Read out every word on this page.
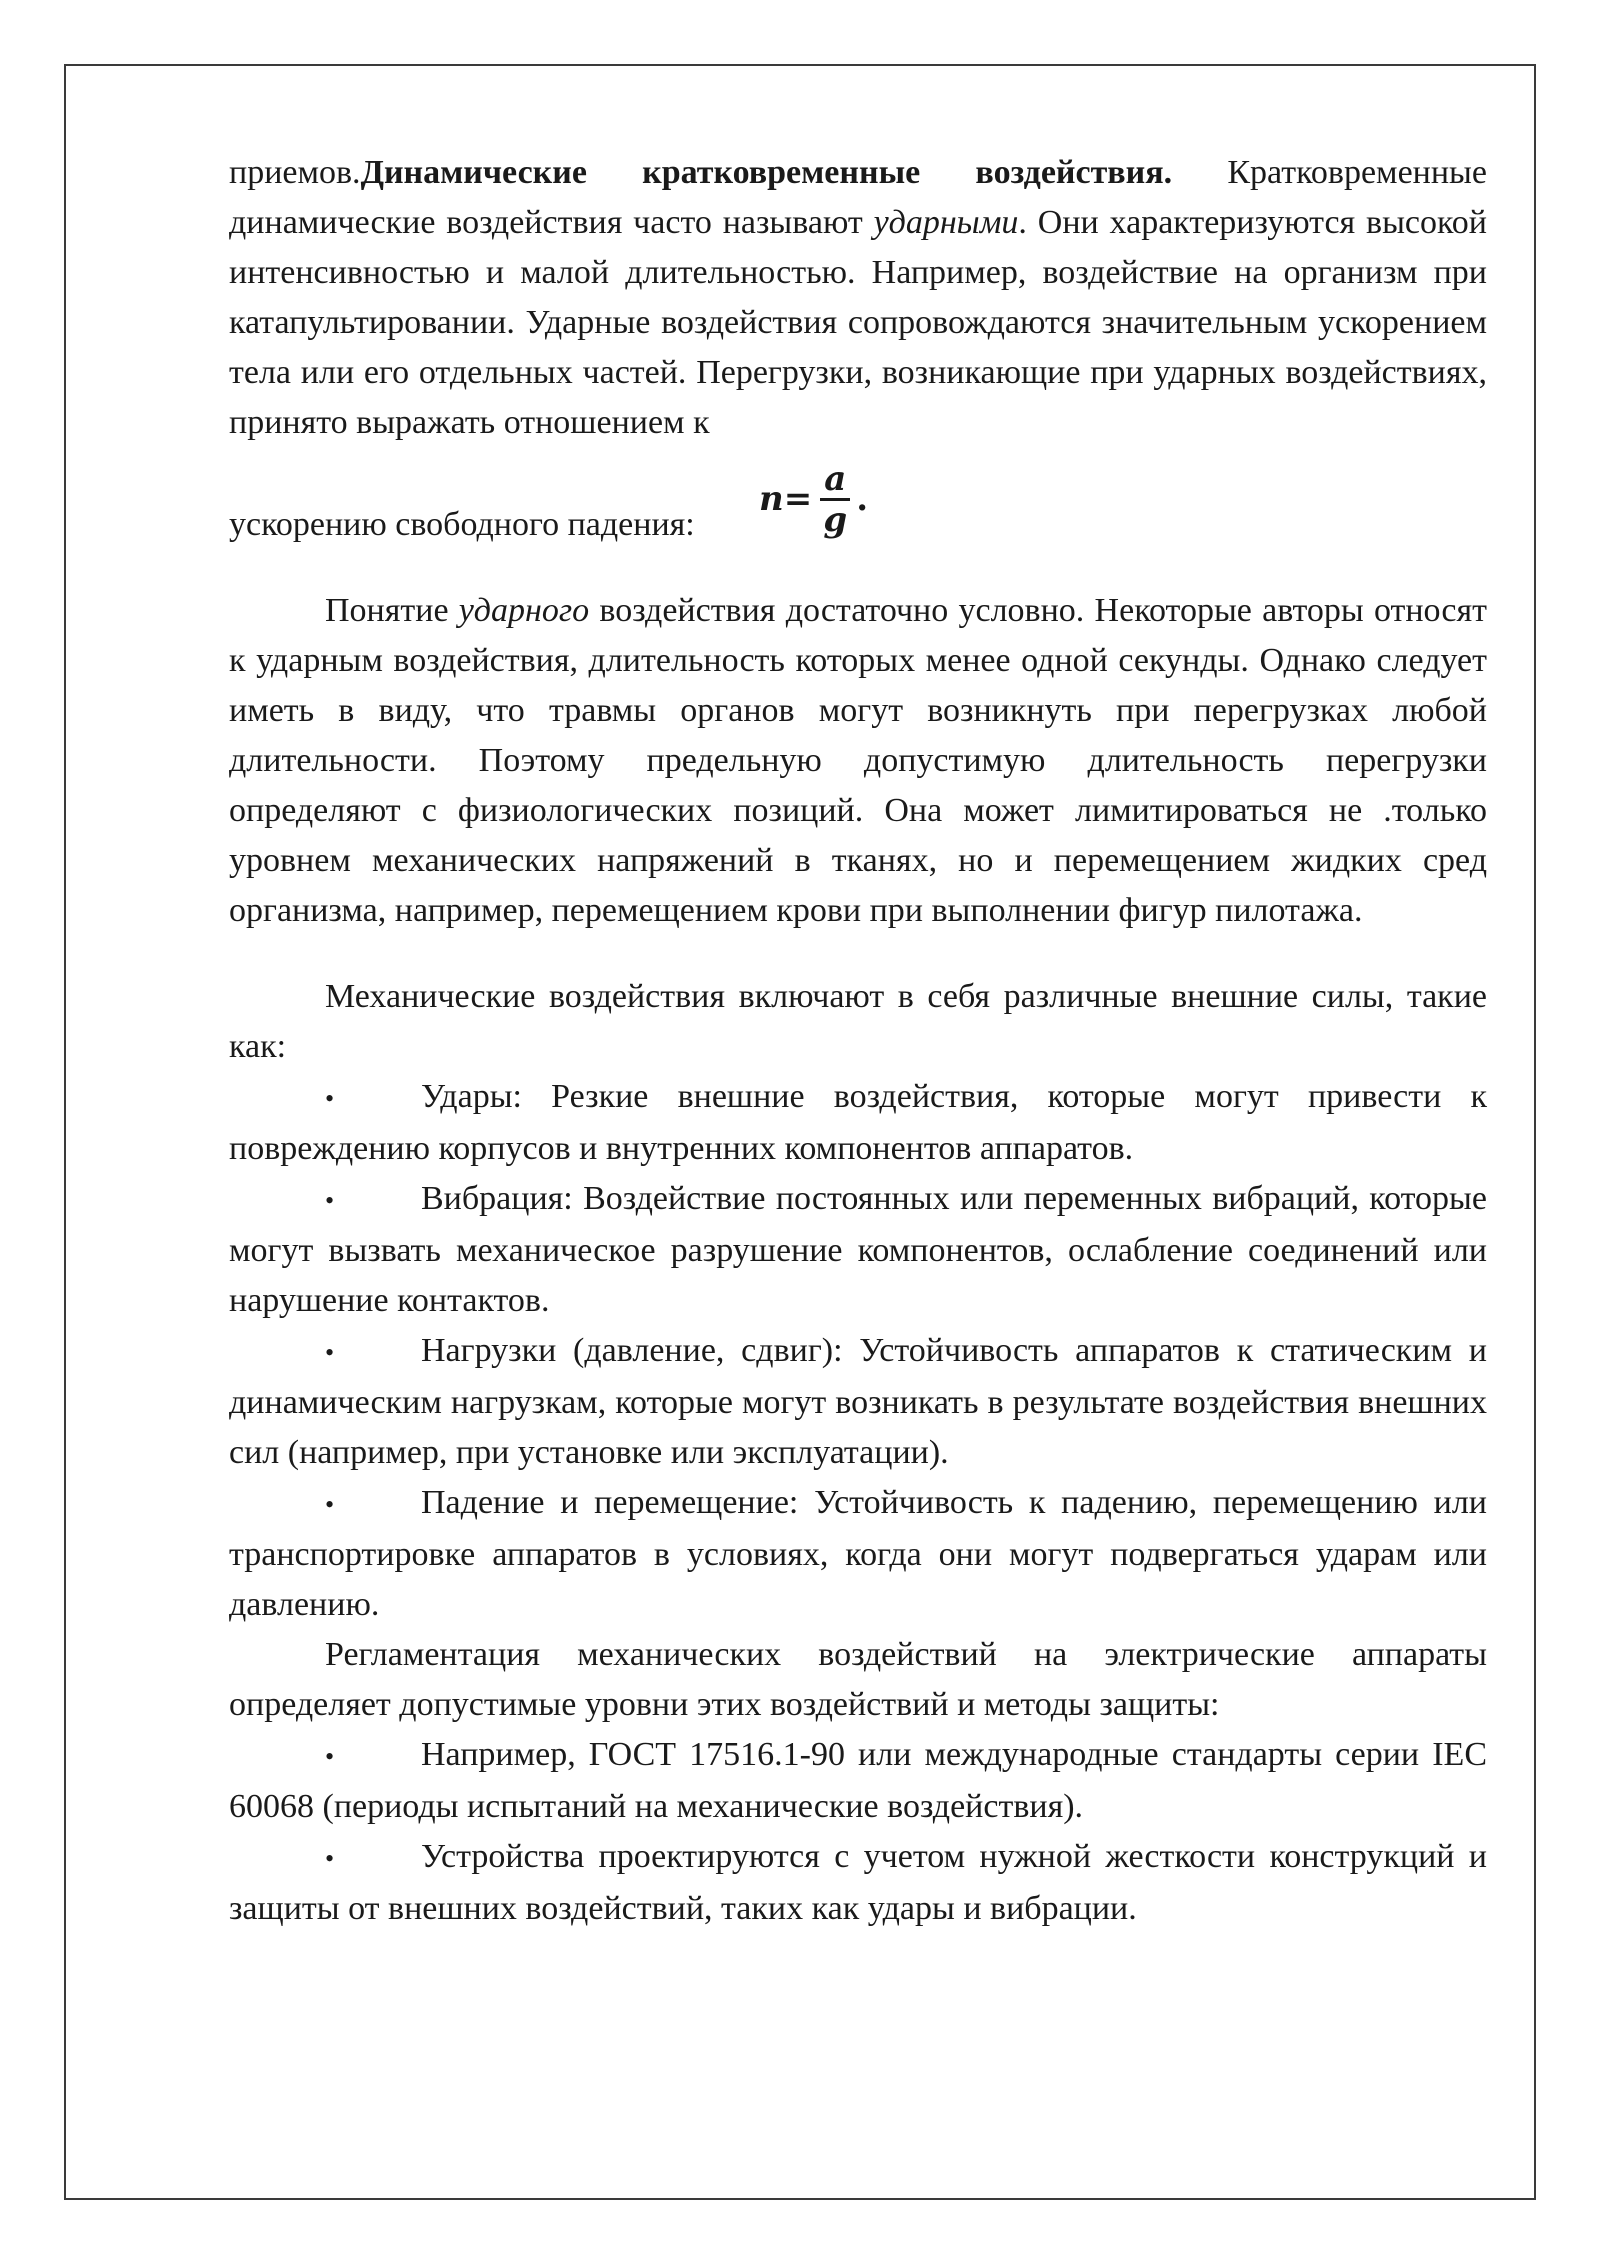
приемов.Динамические кратковременные воздействия. Кратковременные динамические воздействия часто называют ударными. Они характеризуются высокой интенсивностью и малой длительностью. Например, воздействие на организм при катапультировании. Ударные воздействия сопровождаются значительным ускорением тела или его отдельных частей. Перегрузки, возникающие при ударных воздействиях, принято выражать отношением к

ускорению свободного падения:
$n = \frac{a}{g}$ .

Понятие ударного воздействия достаточно условно. Некоторые авторы относят к ударным воздействия, длительность которых менее одной секунды. Однако следует иметь в виду, что травмы органов могут возникнуть при перегрузках любой длительности. Поэтому предельную допустимую длительность перегрузки определяют с физиологических позиций. Она может лимитироваться не .только уровнем механических напряжений в тканях, но и перемещением жидких сред организма, например, перемещением крови при выполнении фигур пилотажа.

Механические воздействия включают в себя различные внешние силы, такие как:

•Удары: Резкие внешние воздействия, которые могут привести к повреждению корпусов и внутренних компонентов аппаратов.

•Вибрация: Воздействие постоянных или переменных вибраций, которые могут вызвать механическое разрушение компонентов, ослабление соединений или нарушение контактов.

•Нагрузки (давление, сдвиг): Устойчивость аппаратов к статическим и динамическим нагрузкам, которые могут возникать в результате воздействия внешних сил (например, при установке или эксплуатации).

•Падение и перемещение: Устойчивость к падению, перемещению или транспортировке аппаратов в условиях, когда они могут подвергаться ударам или давлению.

Регламентация механических воздействий на электрические аппараты определяет допустимые уровни этих воздействий и методы защиты:

•Например, ГОСТ 17516.1-90 или международные стандарты серии IEC 60068 (периоды испытаний на механические воздействия).

•Устройства проектируются с учетом нужной жесткости конструкций и защиты от внешних воздействий, таких как удары и вибрации.
